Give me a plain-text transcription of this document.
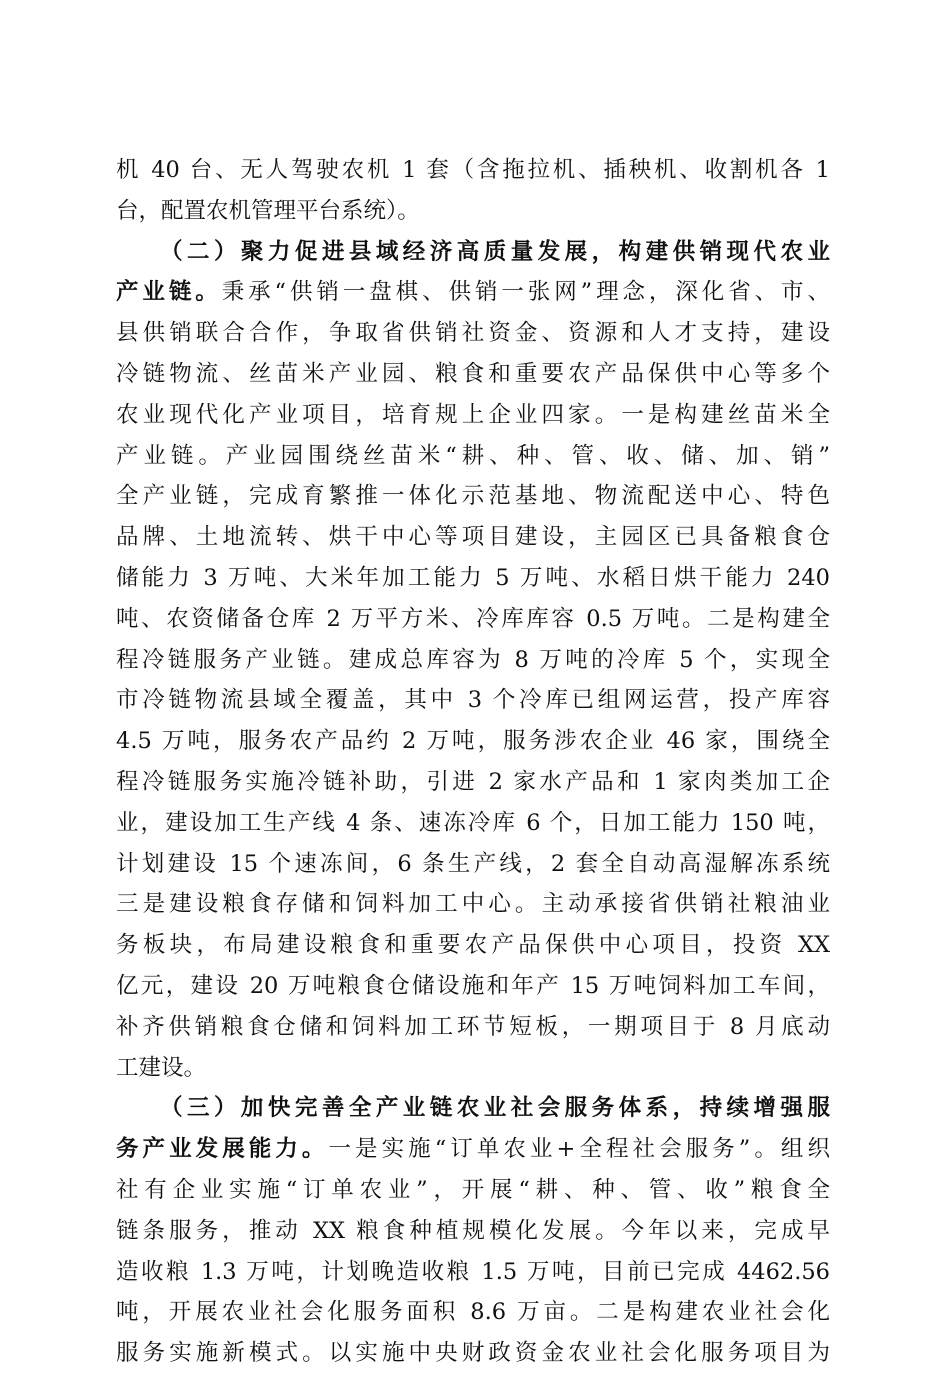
机 40 台、无人驾驶农机 1 套（含拖拉机、插秧机、收割机各 1
台，配置农机管理平台系统）。
（二）聚力促进县域经济高质量发展，构建供销现代农业
产业链。秉承“供销一盘棋、供销一张网”理念，深化省、市、
县供销联合合作，争取省供销社资金、资源和人才支持，建设
冷链物流、丝苗米产业园、粮食和重要农产品保供中心等多个
农业现代化产业项目，培育规上企业四家。一是构建丝苗米全
产业链。产业园围绕丝苗米“耕、种、管、收、储、加、销”
全产业链，完成育繁推一体化示范基地、物流配送中心、特色
品牌、土地流转、烘干中心等项目建设，主园区已具备粮食仓
储能力 3 万吨、大米年加工能力 5 万吨、水稻日烘干能力 240
吨、农资储备仓库 2 万平方米、冷库库容 0.5 万吨。二是构建全
程冷链服务产业链。建成总库容为 8 万吨的冷库 5 个，实现全
市冷链物流县域全覆盖，其中 3 个冷库已组网运营，投产库容
4.5 万吨，服务农产品约 2 万吨，服务涉农企业 46 家，围绕全
程冷链服务实施冷链补助，引进 2 家水产品和 1 家肉类加工企
业，建设加工生产线 4 条、速冻冷库 6 个，日加工能力 150 吨，
计划建设 15 个速冻间，6 条生产线，2 套全自动高湿解冻系统
三是建设粮食存储和饲料加工中心。主动承接省供销社粮油业
务板块，布局建设粮食和重要农产品保供中心项目，投资 XX
亿元，建设 20 万吨粮食仓储设施和年产 15 万吨饲料加工车间，
补齐供销粮食仓储和饲料加工环节短板，一期项目于 8 月底动
工建设。
（三）加快完善全产业链农业社会服务体系，持续增强服
务产业发展能力。一是实施“订单农业+全程社会服务”。组织
社有企业实施“订单农业”，开展“耕、种、管、收”粮食全
链条服务，推动 XX 粮食种植规模化发展。今年以来，完成早
造收粮 1.3 万吨，计划晚造收粮 1.5 万吨，目前已完成 4462.56
吨，开展农业社会化服务面积 8.6 万亩。二是构建农业社会化
服务实施新模式。以实施中央财政资金农业社会化服务项目为
